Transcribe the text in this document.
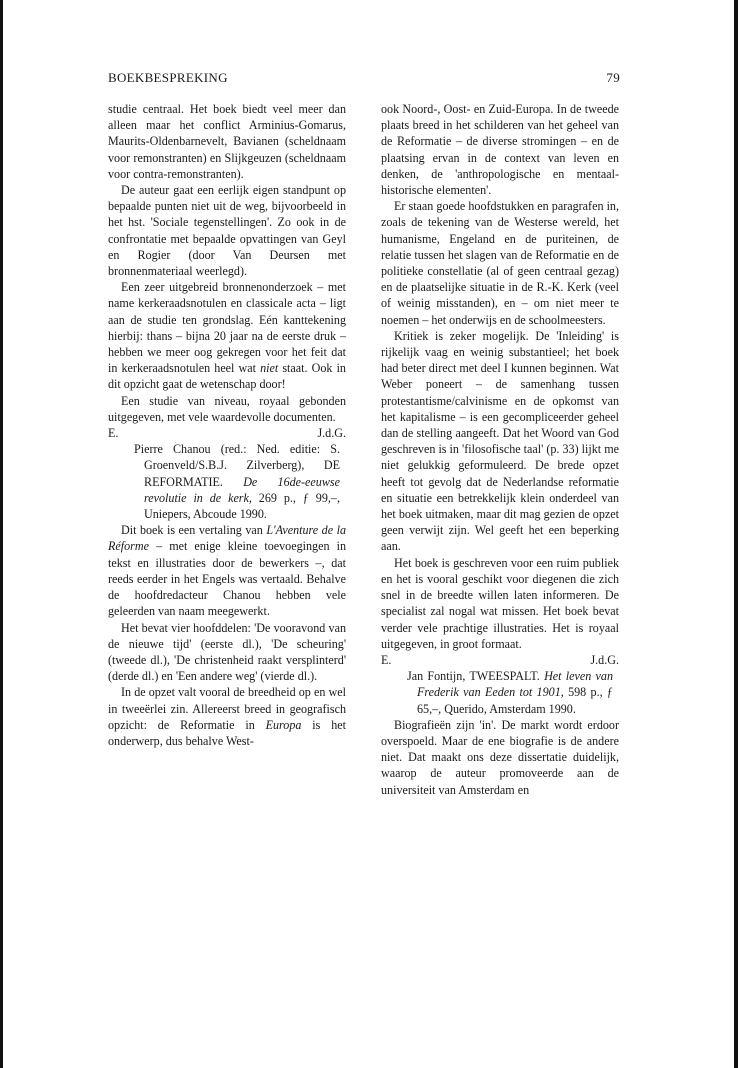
BOEKBESPREKING	79

studie centraal. Het boek biedt veel meer dan alleen maar het conflict Arminius-Gomarus, Maurits-Oldenbarnevelt, Bavianen (scheldnaam voor remonstranten) en Slijkgeuzen (scheldnaam voor contra-remonstranten).

De auteur gaat een eerlijk eigen standpunt op bepaalde punten niet uit de weg, bijvoorbeeld in het hst. 'Sociale tegenstellingen'. Zo ook in de confrontatie met bepaalde opvattingen van Geyl en Rogier (door Van Deursen met bronnenmateriaal weerlegd).

Een zeer uitgebreid bronnenonderzoek – met name kerkeraadsnotulen en classicale acta – ligt aan de studie ten grondslag. Eén kanttekening hierbij: thans – bijna 20 jaar na de eerste druk – hebben we meer oog gekregen voor het feit dat in kerkeraadsnotulen heel wat niet staat. Ook in dit opzicht gaat de wetenschap door!

Een studie van niveau, royaal gebonden uitgegeven, met vele waardevolle documenten.

E.	J.d.G.

Pierre Chanou (red.: Ned. editie: S. Groenveld/S.B.J. Zilverberg), DE REFORMATIE. De 16de-eeuwse revolutie in de kerk, 269 p., ƒ 99,–, Uniepers, Abcoude 1990.

Dit boek is een vertaling van L'Aventure de la Réforme – met enige kleine toevoegingen in tekst en illustraties door de bewerkers –, dat reeds eerder in het Engels was vertaald. Behalve de hoofdredacteur Chanou hebben vele geleerden van naam meegewerkt.

Het bevat vier hoofddelen: 'De vooravond van de nieuwe tijd' (eerste dl.), 'De scheuring' (tweede dl.), 'De christenheid raakt versplinterd' (derde dl.) en 'Een andere weg' (vierde dl.).

In de opzet valt vooral de breedheid op en wel in tweeërlei zin. Allereerst breed in geografisch opzicht: de Reformatie in Europa is het onderwerp, dus behalve West-

ook Noord-, Oost- en Zuid-Europa. In de tweede plaats breed in het schilderen van het geheel van de Reformatie – de diverse stromingen – en de plaatsing ervan in de context van leven en denken, de 'anthropologische en mentaal-historische elementen'.

Er staan goede hoofdstukken en paragrafen in, zoals de tekening van de Westerse wereld, het humanisme, Engeland en de puriteinen, de relatie tussen het slagen van de Reformatie en de politieke constellatie (al of geen centraal gezag) en de plaatselijke situatie in de R.-K. Kerk (veel of weinig misstanden), en – om niet meer te noemen – het onderwijs en de schoolmeesters.

Kritiek is zeker mogelijk. De 'Inleiding' is rijkelijk vaag en weinig substantieel; het boek had beter direct met deel I kunnen beginnen. Wat Weber poneert – de samenhang tussen protestantisme/calvinisme en de opkomst van het kapitalisme – is een gecompliceerder geheel dan de stelling aangeeft. Dat het Woord van God geschreven is in 'filosofische taal' (p. 33) lijkt me niet gelukkig geformuleerd. De brede opzet heeft tot gevolg dat de Nederlandse reformatie en situatie een betrekkelijk klein onderdeel van het boek uitmaken, maar dit mag gezien de opzet geen verwijt zijn. Wel geeft het een beperking aan.

Het boek is geschreven voor een ruim publiek en het is vooral geschikt voor diegenen die zich snel in de breedte willen laten informeren. De specialist zal nogal wat missen. Het boek bevat verder vele prachtige illustraties. Het is royaal uitgegeven, in groot formaat.

E.	J.d.G.

Jan Fontijn, TWEESPALT. Het leven van Frederik van Eeden tot 1901, 598 p., ƒ 65,–, Querido, Amsterdam 1990.

Biografieën zijn 'in'. De markt wordt erdoor overspoeld. Maar de ene biografie is de andere niet. Dat maakt ons deze dissertatie duidelijk, waarop de auteur promoveerde aan de universiteit van Amsterdam en
